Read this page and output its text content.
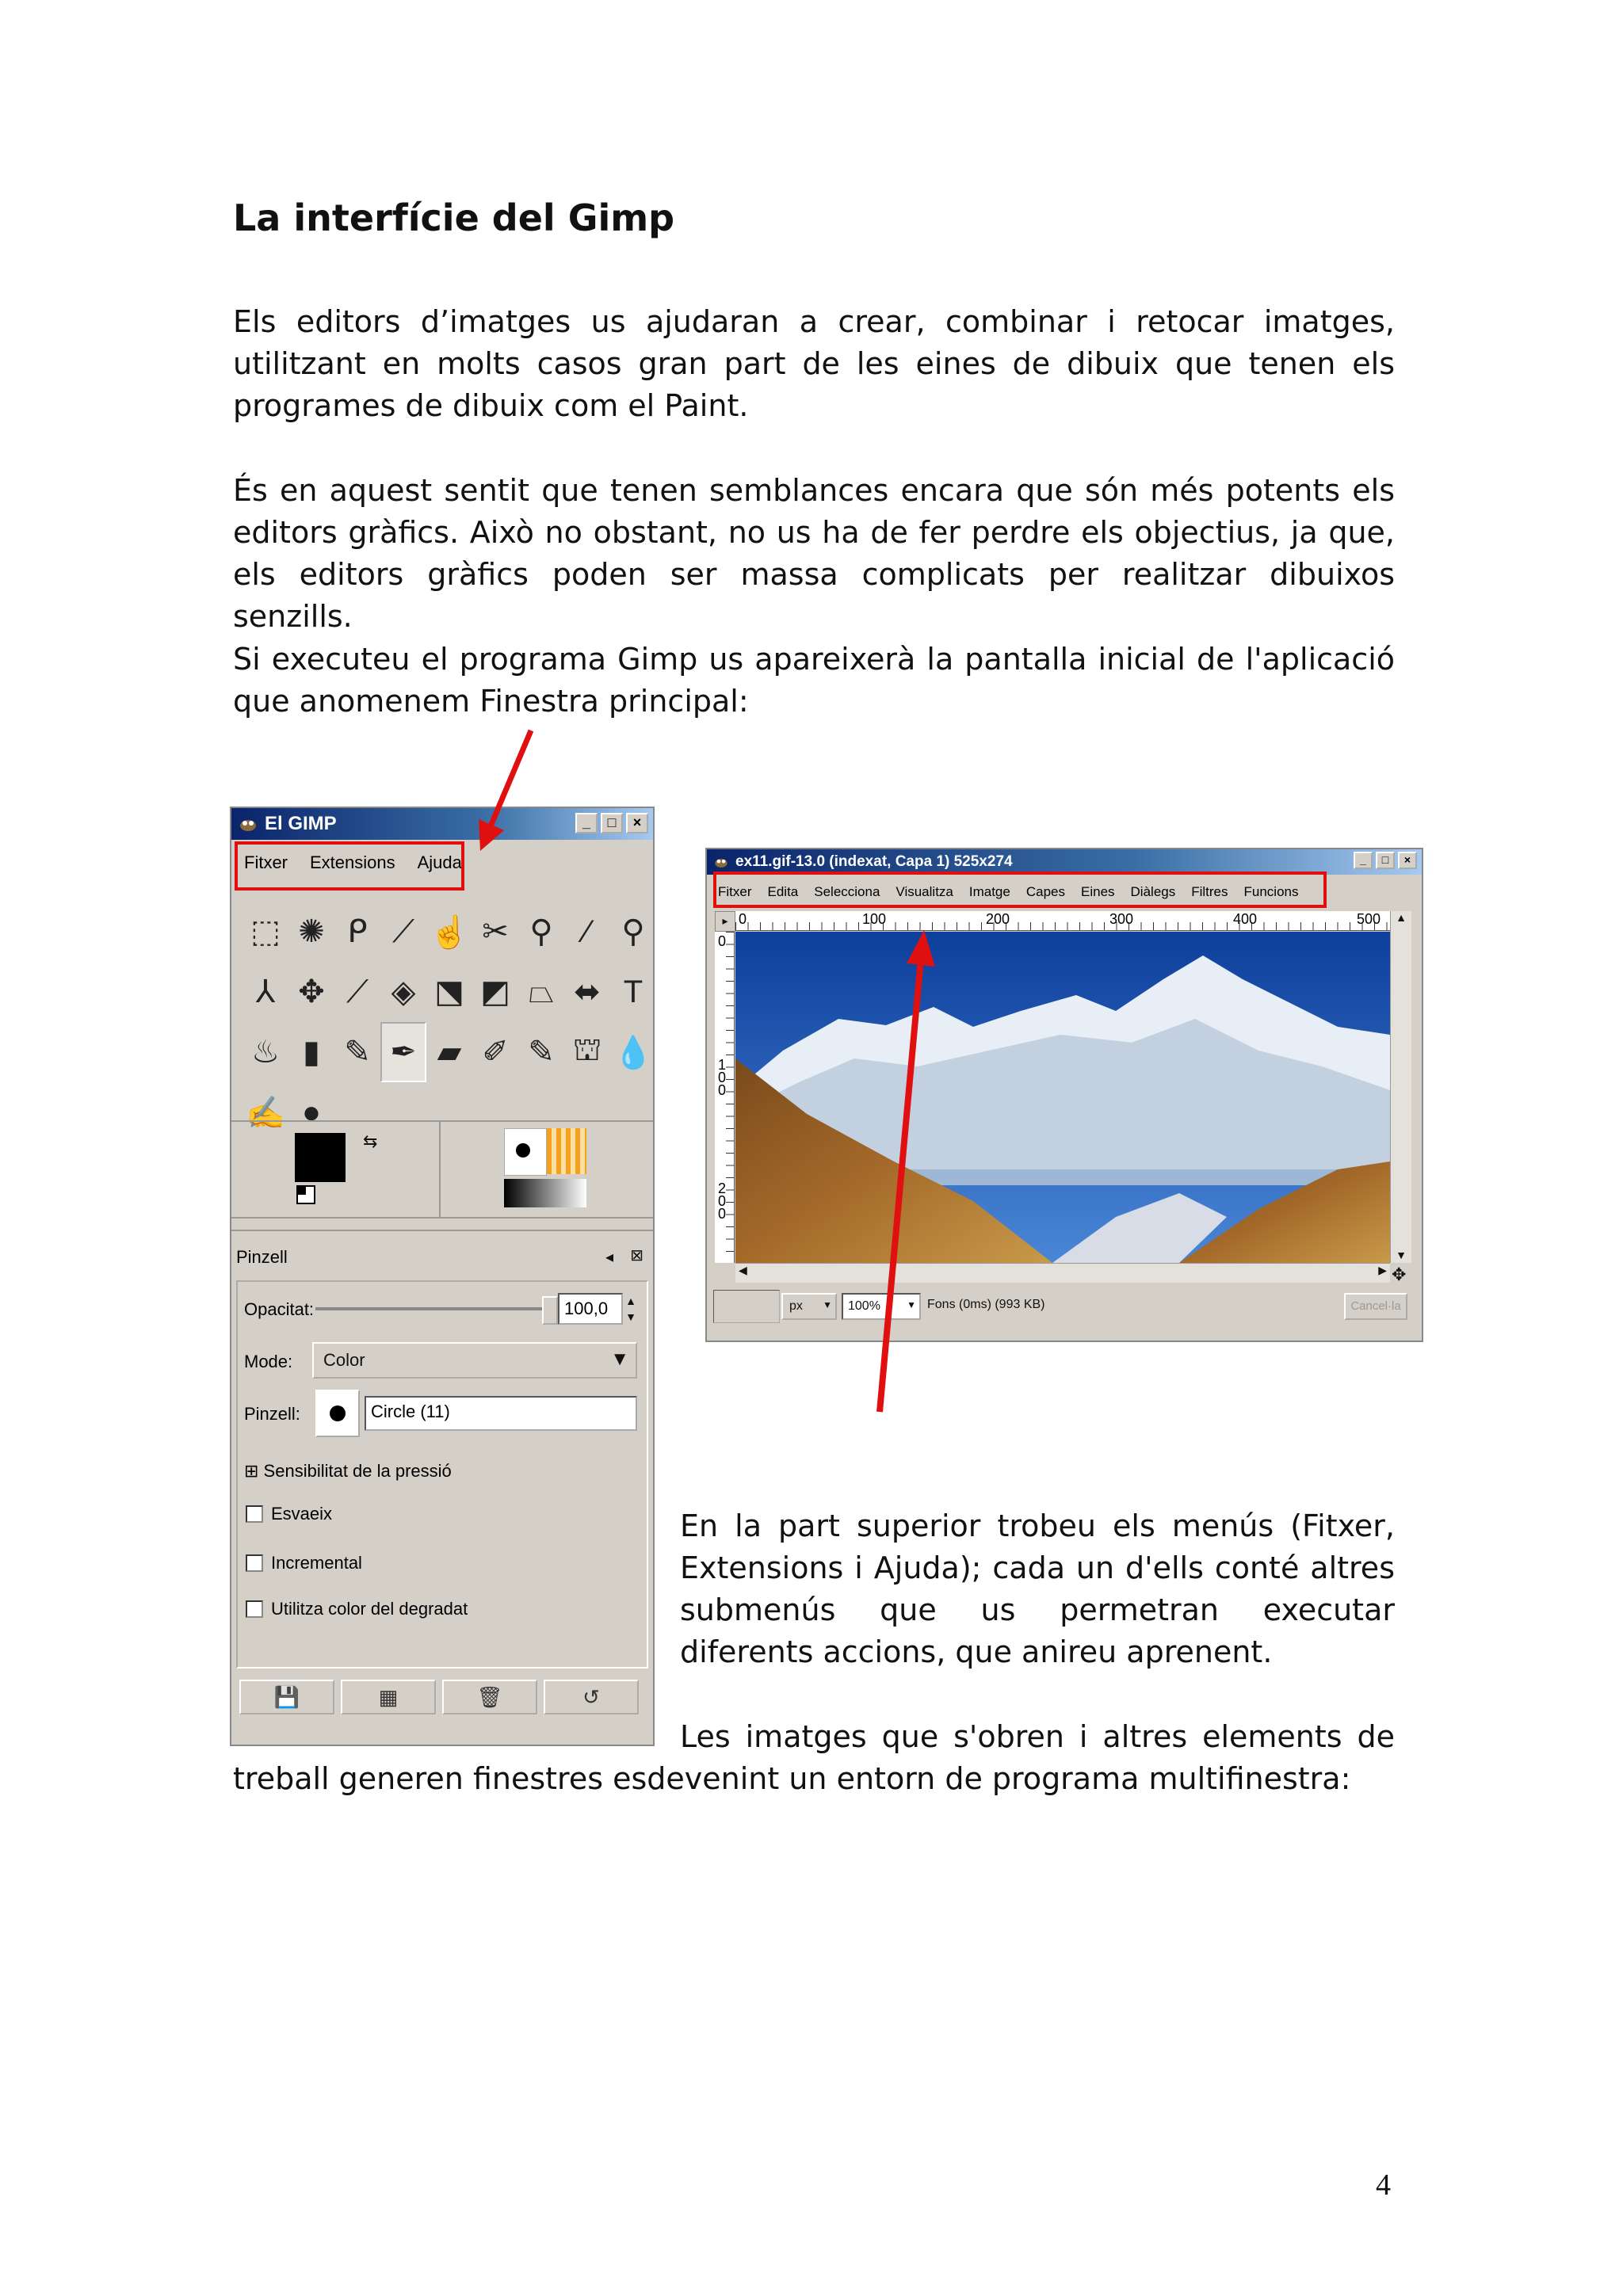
La interfície del Gimp

Els editors d’imatges us ajudaran a crear, combinar i retocar imatges, utilitzant en molts casos gran part de les eines de dibuix que tenen els programes de dibuix com el Paint.

És en aquest sentit que tenen semblances encara que són més potents els editors gràfics. Això no obstant, no us ha de fer perdre els objectius, ja que, els editors gràfics poden ser massa complicats per realitzar dibuixos senzills.

Si executeu el programa Gimp us apareixerà la pantalla inicial de l'aplicació que anomenem Finestra principal:

El GIMP	_	□	×
Fitxer Extensions Ajuda
⬚ ✺ ᑭ ⟋ ☝ ✂ ⚲	⁄	⚲
⅄ ✥ ⟋ ◈ ⬔ ◩ ⏢ ⬌ T
♨ ▮ ✎ ✒ ▰ ✐ ✎ ⛫ 💧
✍ ●
⇆
Pinzell	◂ ⊠
Opacitat:	100,0	▲
▼
Mode: Color	▼
Pinzell:	Circle (11)
⊞ Sensibilitat de la pressió
Esvaeix
Incremental
Utilitza color del degradat
💾	▦	🗑	↺
ex11.gif-13.0 (indexat, Capa 1) 525x274	_	□	×
Fitxer Edita Selecciona Visualitza Imatge Capes Eines Diàlegs Filtres Funcions
▸ 0	100	200	300	400	500
0
1
0
0
2
0
0
▲
▼
◀	▶ ✥
px ▼ 100%	▼ Fons (0ms) (993 KB)	Cancel·la

En la part superior trobeu els menús (Fitxer, Extensions i Ajuda); cada un d'ells conté altres submenús que us permetran executar diferents accions, que anireu aprenent.

Les imatges que s'obren i altres elements de

treball generen finestres esdevenint un entorn de programa multifinestra:

4
